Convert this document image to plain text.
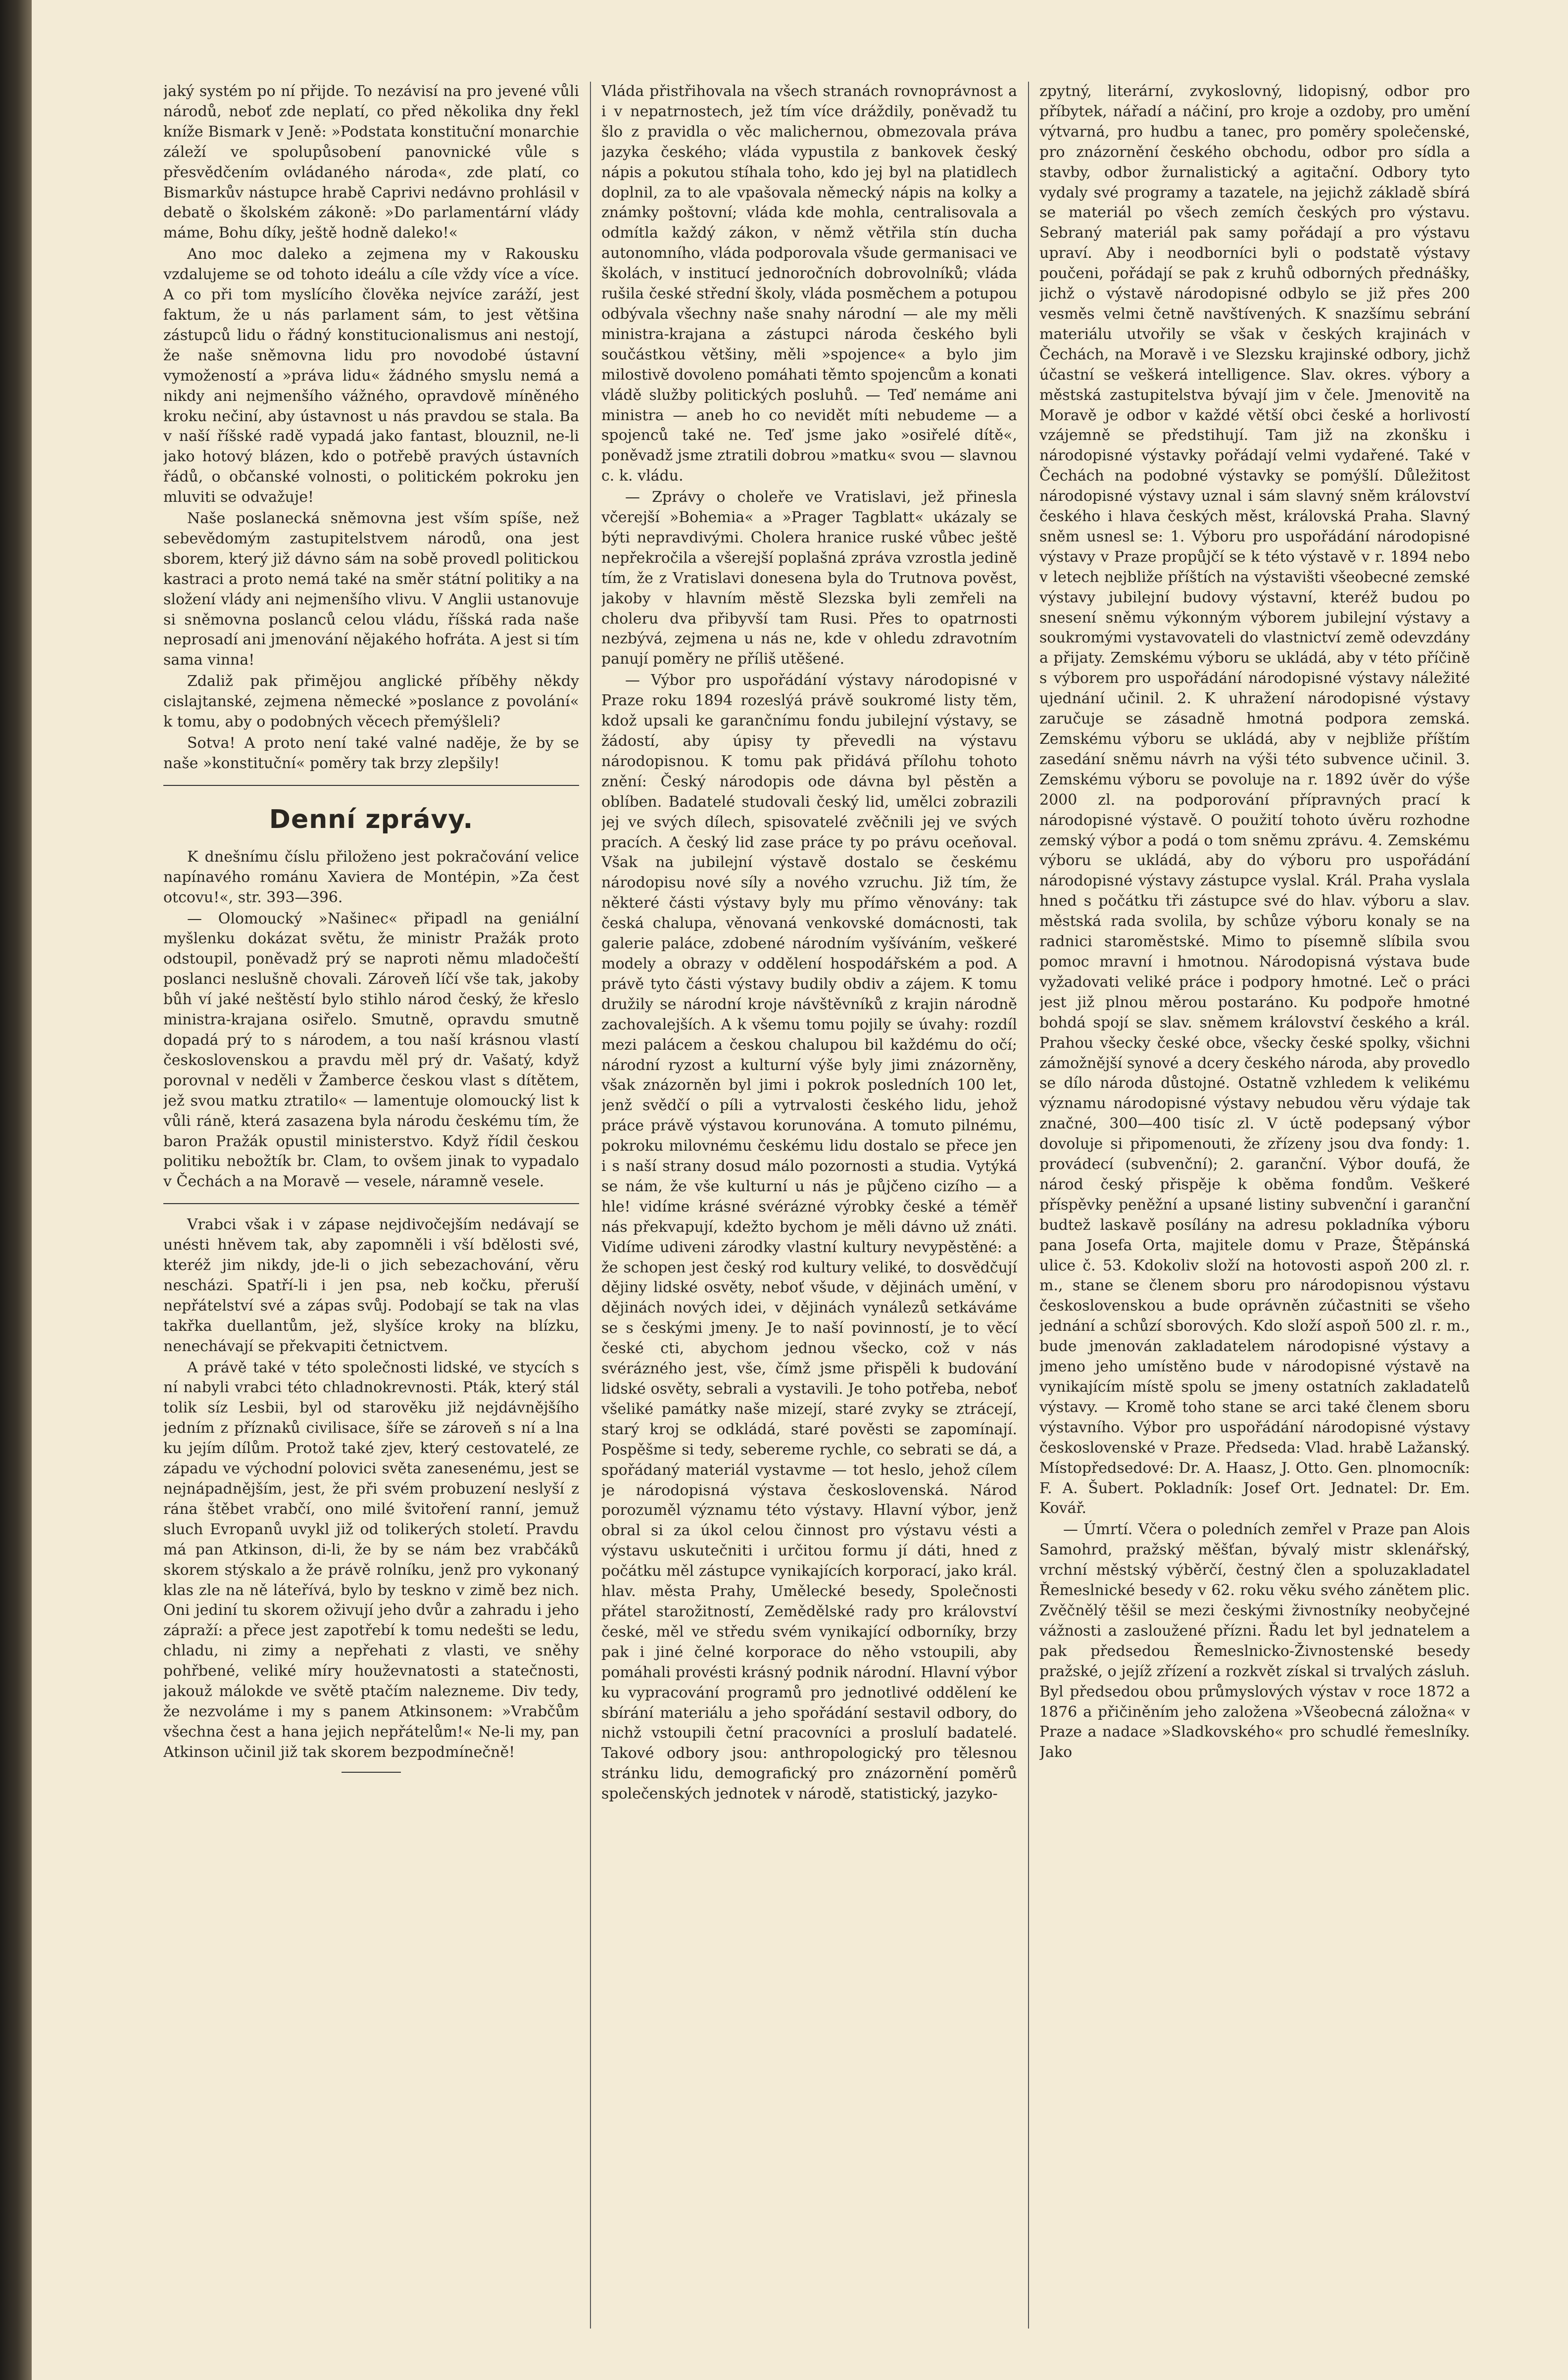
jaký systém po ní přijde. To nezávisí na pro jevené vůli národů, neboť zde neplatí, co před několika dny řekl kníže Bismark v Jeně: »Podstata konstituční monarchie záleží ve spolupůsobení panovnické vůle s přesvědčením ovládaného národa«, zde platí, co Bismarkův nástupce hrabě Caprivi nedávno prohlásil v debatě o školském zákoně: »Do parlamentární vlády máme, Bohu díky, ještě hodně daleko!«

Ano moc daleko a zejmena my v Rakousku vzdalujeme se od tohoto ideálu a cíle vždy více a více. A co při tom myslícího člověka nejvíce zaráží, jest faktum, že u nás parlament sám, to jest většina zástupců lidu o řádný konstitucionalismus ani nestojí, že naše sněmovna lidu pro novodobé ústavní vymožeností a »práva lidu« žádného smyslu nemá a nikdy ani nejmenšího vážného, opravdově míněného kroku nečiní, aby ústavnost u nás pravdou se stala. Ba v naší říšské radě vypadá jako fantast, blouznil, ne-li jako hotový blázen, kdo o potřebě pravých ústavních řádů, o občanské volnosti, o politickém pokroku jen mluviti se odvažuje!

Naše poslanecká sněmovna jest vším spíše, než sebevědomým zastupitelstvem národů, ona jest sborem, který již dávno sám na sobě provedl politickou kastraci a proto nemá také na směr státní politiky a na složení vlády ani nejmenšího vlivu. V Anglii ustanovuje si sněmovna poslanců celou vládu, říšská rada naše neprosadí ani jmenování nějakého hofráta. A jest si tím sama vinna!

Zdaliž pak přimějou anglické příběhy někdy cislajtanské, zejmena německé »poslance z povolání« k tomu, aby o podobných věcech přemýšleli?

Sotva! A proto není také valné naděje, že by se naše »konstituční« poměry tak brzy zlepšily!

Denní zprávy.

K dnešnímu číslu přiloženo jest pokračování velice napínavého románu Xaviera de Montépin, »Za čest otcovu!«, str. 393—396.

— Olomoucký »Našinec« připadl na geniální myšlenku dokázat světu, že ministr Pražák proto odstoupil, poněvadž prý se naproti němu mladočeští poslanci neslušně chovali. Zároveň líčí vše tak, jakoby bůh ví jaké neštěstí bylo stihlo národ český, že křeslo ministra-krajana osiřelo. Smutně, opravdu smutně dopadá prý to s národem, a tou naší krásnou vlastí československou a pravdu měl prý dr. Vašatý, když porovnal v neděli v Žamberce českou vlast s dítětem, jež svou matku ztratilo« — lamentuje olomoucký list k vůli ráně, která zasazena byla národu českému tím, že baron Pražák opustil ministerstvo. Když řídil českou politiku nebožtík br. Clam, to ovšem jinak to vypadalo v Čechách a na Moravě — vesele, náramně vesele.

Vrabci však i v zápase nejdivočejším nedávají se unésti hněvem tak, aby zapomněli i vší bdělosti své, kteréž jim nikdy, jde-li o jich sebezachování, věru nescházi. Spatří-li i jen psa, neb kočku, přeruší nepřátelství své a zápas svůj. Podobají se tak na vlas takřka duellantům, jež, slyšíce kroky na blízku, nenechávají se překvapiti četnictvem.

A právě také v této společnosti lidské, ve stycích s ní nabyli vrabci této chladnokrevnosti. Pták, který stál tolik síz Lesbii, byl od starověku již nejdávnějšího jedním z příznaků civilisace, šíře se zároveň s ní a lna ku jejím dílům. Protož také zjev, který cestovatelé, ze západu ve východní polovici světa zanesenému, jest se nejnápadnějším, jest, že při svém probuzení neslyší z rána štěbet vrabčí, ono milé švitoření ranní, jemuž sluch Evropanů uvykl již od tolikerých století. Pravdu má pan Atkinson, di-li, že by se nám bez vrabčáků skorem stýskalo a že právě rolníku, jenž pro vykonaný klas zle na ně láteřívá, bylo by teskno v zimě bez nich. Oni jediní tu skorem oživují jeho dvůr a zahradu i jeho zápraží: a přece jest zapotřebí k tomu nedešti se ledu, chladu, ni zimy a nepřehati z vlasti, ve sněhy pohřbené, veliké míry houževnatosti a statečnosti, jakouž málokde ve světě ptačím nalezneme. Div tedy, že nezvoláme i my s panem Atkinsonem: »Vrabčům všechna čest a hana jejich nepřátelům!« Ne-li my, pan Atkinson učinil již tak skorem bezpodmínečně!

Vláda přistřihovala na všech stranách rovnoprávnost a i v nepatrnostech, jež tím více dráždily, poněvadž tu šlo z pravidla o věc malichernou, obmezovala práva jazyka českého; vláda vypustila z bankovek český nápis a pokutou stíhala toho, kdo jej byl na platidlech doplnil, za to ale vpašovala německý nápis na kolky a známky poštovní; vláda kde mohla, centralisovala a odmítla každý zákon, v němž větřila stín ducha autonomního, vláda podporovala všude germanisaci ve školách, v institucí jednoročních dobrovolníků; vláda rušila české střední školy, vláda posměchem a potupou odbývala všechny naše snahy národní — ale my měli ministra-krajana a zástupci národa českého byli součástkou většiny, měli »spojence« a bylo jim milostivě dovoleno pomáhati těmto spojencům a konati vládě služby politických posluhů. — Teď nemáme ani ministra — aneb ho co nevidět míti nebudeme — a spojenců také ne. Teď jsme jako »osiřelé dítě«, poněvadž jsme ztratili dobrou »matku« svou — slavnou c. k. vládu.

— Zprávy o choleře ve Vratislavi, jež přinesla včerejší »Bohemia« a »Prager Tagblatt« ukázaly se býti nepravdivými. Cholera hranice ruské vůbec ještě nepřekročila a všerejší poplašná zpráva vzrostla jedině tím, že z Vratislavi donesena byla do Trutnova pověst, jakoby v hlavním městě Slezska byli zemřeli na choleru dva přibyvší tam Rusi. Přes to opatrnosti nezbývá, zejmena u nás ne, kde v ohledu zdravotním panují poměry ne příliš utěšené.

— Výbor pro uspořádání výstavy národopisné v Praze roku 1894 rozeslýá právě soukromé listy těm, kdož upsali ke garančnímu fondu jubilejní výstavy, se žádostí, aby úpisy ty převedli na výstavu národopisnou. K tomu pak přidává přílohu tohoto znění: Český národopis ode dávna byl pěstěn a oblíben. Badatelé studovali český lid, umělci zobrazili jej ve svých dílech, spisovatelé zvěčnili jej ve svých pracích. A český lid zase práce ty po právu oceňoval. Však na jubilejní výstavě dostalo se českému národopisu nové síly a nového vzruchu. Již tím, že některé části výstavy byly mu přímo věnovány: tak česká chalupa, věnovaná venkovské domácnosti, tak galerie paláce, zdobené národním vyšíváním, veškeré modely a obrazy v oddělení hospodářském a pod. A právě tyto části výstavy budily obdiv a zájem. K tomu družily se národní kroje návštěvníků z krajin národně zachovalejších. A k všemu tomu pojily se úvahy: rozdíl mezi palácem a českou chalupou bil každému do očí; národní ryzost a kulturní výše byly jimi znázorněny, však znázorněn byl jimi i pokrok posledních 100 let, jenž svědčí o píli a vytrvalosti českého lidu, jehož práce právě výstavou korunována. A tomuto pilnému, pokroku milovnému českému lidu dostalo se přece jen i s naší strany dosud málo pozornosti a studia. Vytýká se nám, že vše kulturní u nás je půjčeno cizího — a hle! vidíme krásné svérázné výrobky české a téměř nás překvapují, kdežto bychom je měli dávno už znáti. Vidíme udiveni zárodky vlastní kultury nevypěstěné: a že schopen jest český rod kultury veliké, to dosvědčují dějiny lidské osvěty, neboť všude, v dějinách umění, v dějinách nových idei, v dějinách vynálezů setkáváme se s českými jmeny. Je to naší povinností, je to věcí české cti, abychom jednou všecko, což v nás svérázného jest, vše, čímž jsme přispěli k budování lidské osvěty, sebrali a vystavili. Je toho potřeba, neboť všeliké památky naše mizejí, staré zvyky se ztrácejí, starý kroj se odkládá, staré pověsti se zapomínají. Pospěšme si tedy, sebereme rychle, co sebrati se dá, a spořádaný materiál vystavme — tot heslo, jehož cílem je národopisná výstava československá. Národ porozuměl významu této výstavy. Hlavní výbor, jenž obral si za úkol celou činnost pro výstavu vésti a výstavu uskutečniti i určitou formu jí dáti, hned z počátku měl zástupce vynikajících korporací, jako král. hlav. města Prahy, Umělecké besedy, Společnosti přátel starožitností, Zemědělské rady pro království české, měl ve středu svém vynikající odborníky, brzy pak i jiné čelné korporace do něho vstoupili, aby pomáhali provésti krásný podnik národní. Hlavní výbor ku vypracování programů pro jednotlivé oddělení ke sbírání materiálu a jeho spořádání sestavil odbory, do nichž vstoupili četní pracovníci a proslulí badatelé. Takové odbory jsou: anthropologický pro tělesnou stránku lidu, demografický pro znázornění poměrů společenských jednotek v národě, statistický, jazyko-

zpytný, literární, zvykoslovný, lidopisný, odbor pro příbytek, nářadí a náčiní, pro kroje a ozdoby, pro umění výtvarná, pro hudbu a tanec, pro poměry společenské, pro znázornění českého obchodu, odbor pro sídla a stavby, odbor žurnalistický a agitační. Odbory tyto vydaly své programy a tazatele, na jejichž základě sbírá se materiál po všech zemích českých pro výstavu. Sebraný materiál pak samy pořádají a pro výstavu upraví. Aby i neodborníci byli o podstatě výstavy poučeni, pořádají se pak z kruhů odborných přednášky, jichž o výstavě národopisné odbylo se již přes 200 vesměs velmi četně navštívených. K snazšímu sebrání materiálu utvořily se však v českých krajinách v Čechách, na Moravě i ve Slezsku krajinské odbory, jichž účastní se veškerá intelligence. Slav. okres. výbory a městská zastupitelstva bývají jim v čele. Jmenovitě na Moravě je odbor v každé větší obci české a horlivostí vzájemně se předstihují. Tam již na zkonšku i národopisné výstavky pořádají velmi vydařené. Také v Čechách na podobné výstavky se pomýšlí. Důležitost národopisné výstavy uznal i sám slavný sněm království českého i hlava českých měst, královská Praha. Slavný sněm usnesl se: 1. Výboru pro uspořádání národopisné výstavy v Praze propůjčí se k této výstavě v r. 1894 nebo v letech nejbliže příštích na výstavišti všeobecné zemské výstavy jubilejní budovy výstavní, kteréž budou po snesení sněmu výkonným výborem jubilejní výstavy a soukromými vystavovateli do vlastnictví země odevzdány a přijaty. Zemskému výboru se ukládá, aby v této příčině s výborem pro uspořádání národopisné výstavy náležité ujednání učinil. 2. K uhražení národopisné výstavy zaručuje se zásadně hmotná podpora zemská. Zemskému výboru se ukládá, aby v nejbliže příštím zasedání sněmu návrh na výši této subvence učinil. 3. Zemskému výboru se povoluje na r. 1892 úvěr do výše 2000 zl. na podporování přípravných prací k národopisné výstavě. O použití tohoto úvěru rozhodne zemský výbor a podá o tom sněmu zprávu. 4. Zemskému výboru se ukládá, aby do výboru pro uspořádání národopisné výstavy zástupce vyslal. Král. Praha vyslala hned s počátku tři zástupce své do hlav. výboru a slav. městská rada svolila, by schůze výboru konaly se na radnici staroměstské. Mimo to písemně slíbila svou pomoc mravní i hmotnou. Národopisná výstava bude vyžadovati veliké práce i podpory hmotné. Leč o práci jest již plnou měrou postaráno. Ku podpoře hmotné bohdá spojí se slav. sněmem království českého a král. Prahou všecky české obce, všecky české spolky, všichni zámožnější synové a dcery českého národa, aby provedlo se dílo národa důstojné. Ostatně vzhledem k velikému významu národopisné výstavy nebudou věru výdaje tak značné, 300—400 tisíc zl. V úctě podepsaný výbor dovoluje si připomenouti, že zřízeny jsou dva fondy: 1. provádecí (subvenční); 2. garanční. Výbor doufá, že národ český přispěje k oběma fondům. Veškeré příspěvky peněžní a upsané listiny subvenční i garanční budtež laskavě posílány na adresu pokladníka výboru pana Josefa Orta, majitele domu v Praze, Štěpánská ulice č. 53. Kdokoliv složí na hotovosti aspoň 200 zl. r. m., stane se členem sboru pro národopisnou výstavu československou a bude oprávněn zúčastniti se všeho jednání a schůzí sborových. Kdo složí aspoň 500 zl. r. m., bude jmenován zakladatelem národopisné výstavy a jmeno jeho umístěno bude v národopisné výstavě na vynikajícím místě spolu se jmeny ostatních zakladatelů výstavy. — Kromě toho stane se arci také členem sboru výstavního. Výbor pro uspořádání národopisné výstavy československé v Praze. Předseda: Vlad. hrabě Lažanský. Místopředsedové: Dr. A. Haasz, J. Otto. Gen. plnomocník: F. A. Šubert. Pokladník: Josef Ort. Jednatel: Dr. Em. Kovář.

— Úmrtí. Včera o poledních zemřel v Praze pan Alois Samohrd, pražský měšťan, bývalý mistr sklenářský, vrchní městský výběrčí, čestný člen a spoluzakladatel Řemeslnické besedy v 62. roku věku svého zánětem plic. Zvěčnělý těšil se mezi českými živnostníky neobyčejné vážnosti a zasloužené přízni. Řadu let byl jednatelem a pak předsedou Řemeslnicko-Živnostenské besedy pražské, o jejíž zřízení a rozkvět získal si trvalých zásluh. Byl předsedou obou průmyslových výstav v roce 1872 a 1876 a přičiněním jeho založena »Všeobecná záložna« v Praze a nadace »Sladkovského« pro schudlé řemeslníky. Jako
